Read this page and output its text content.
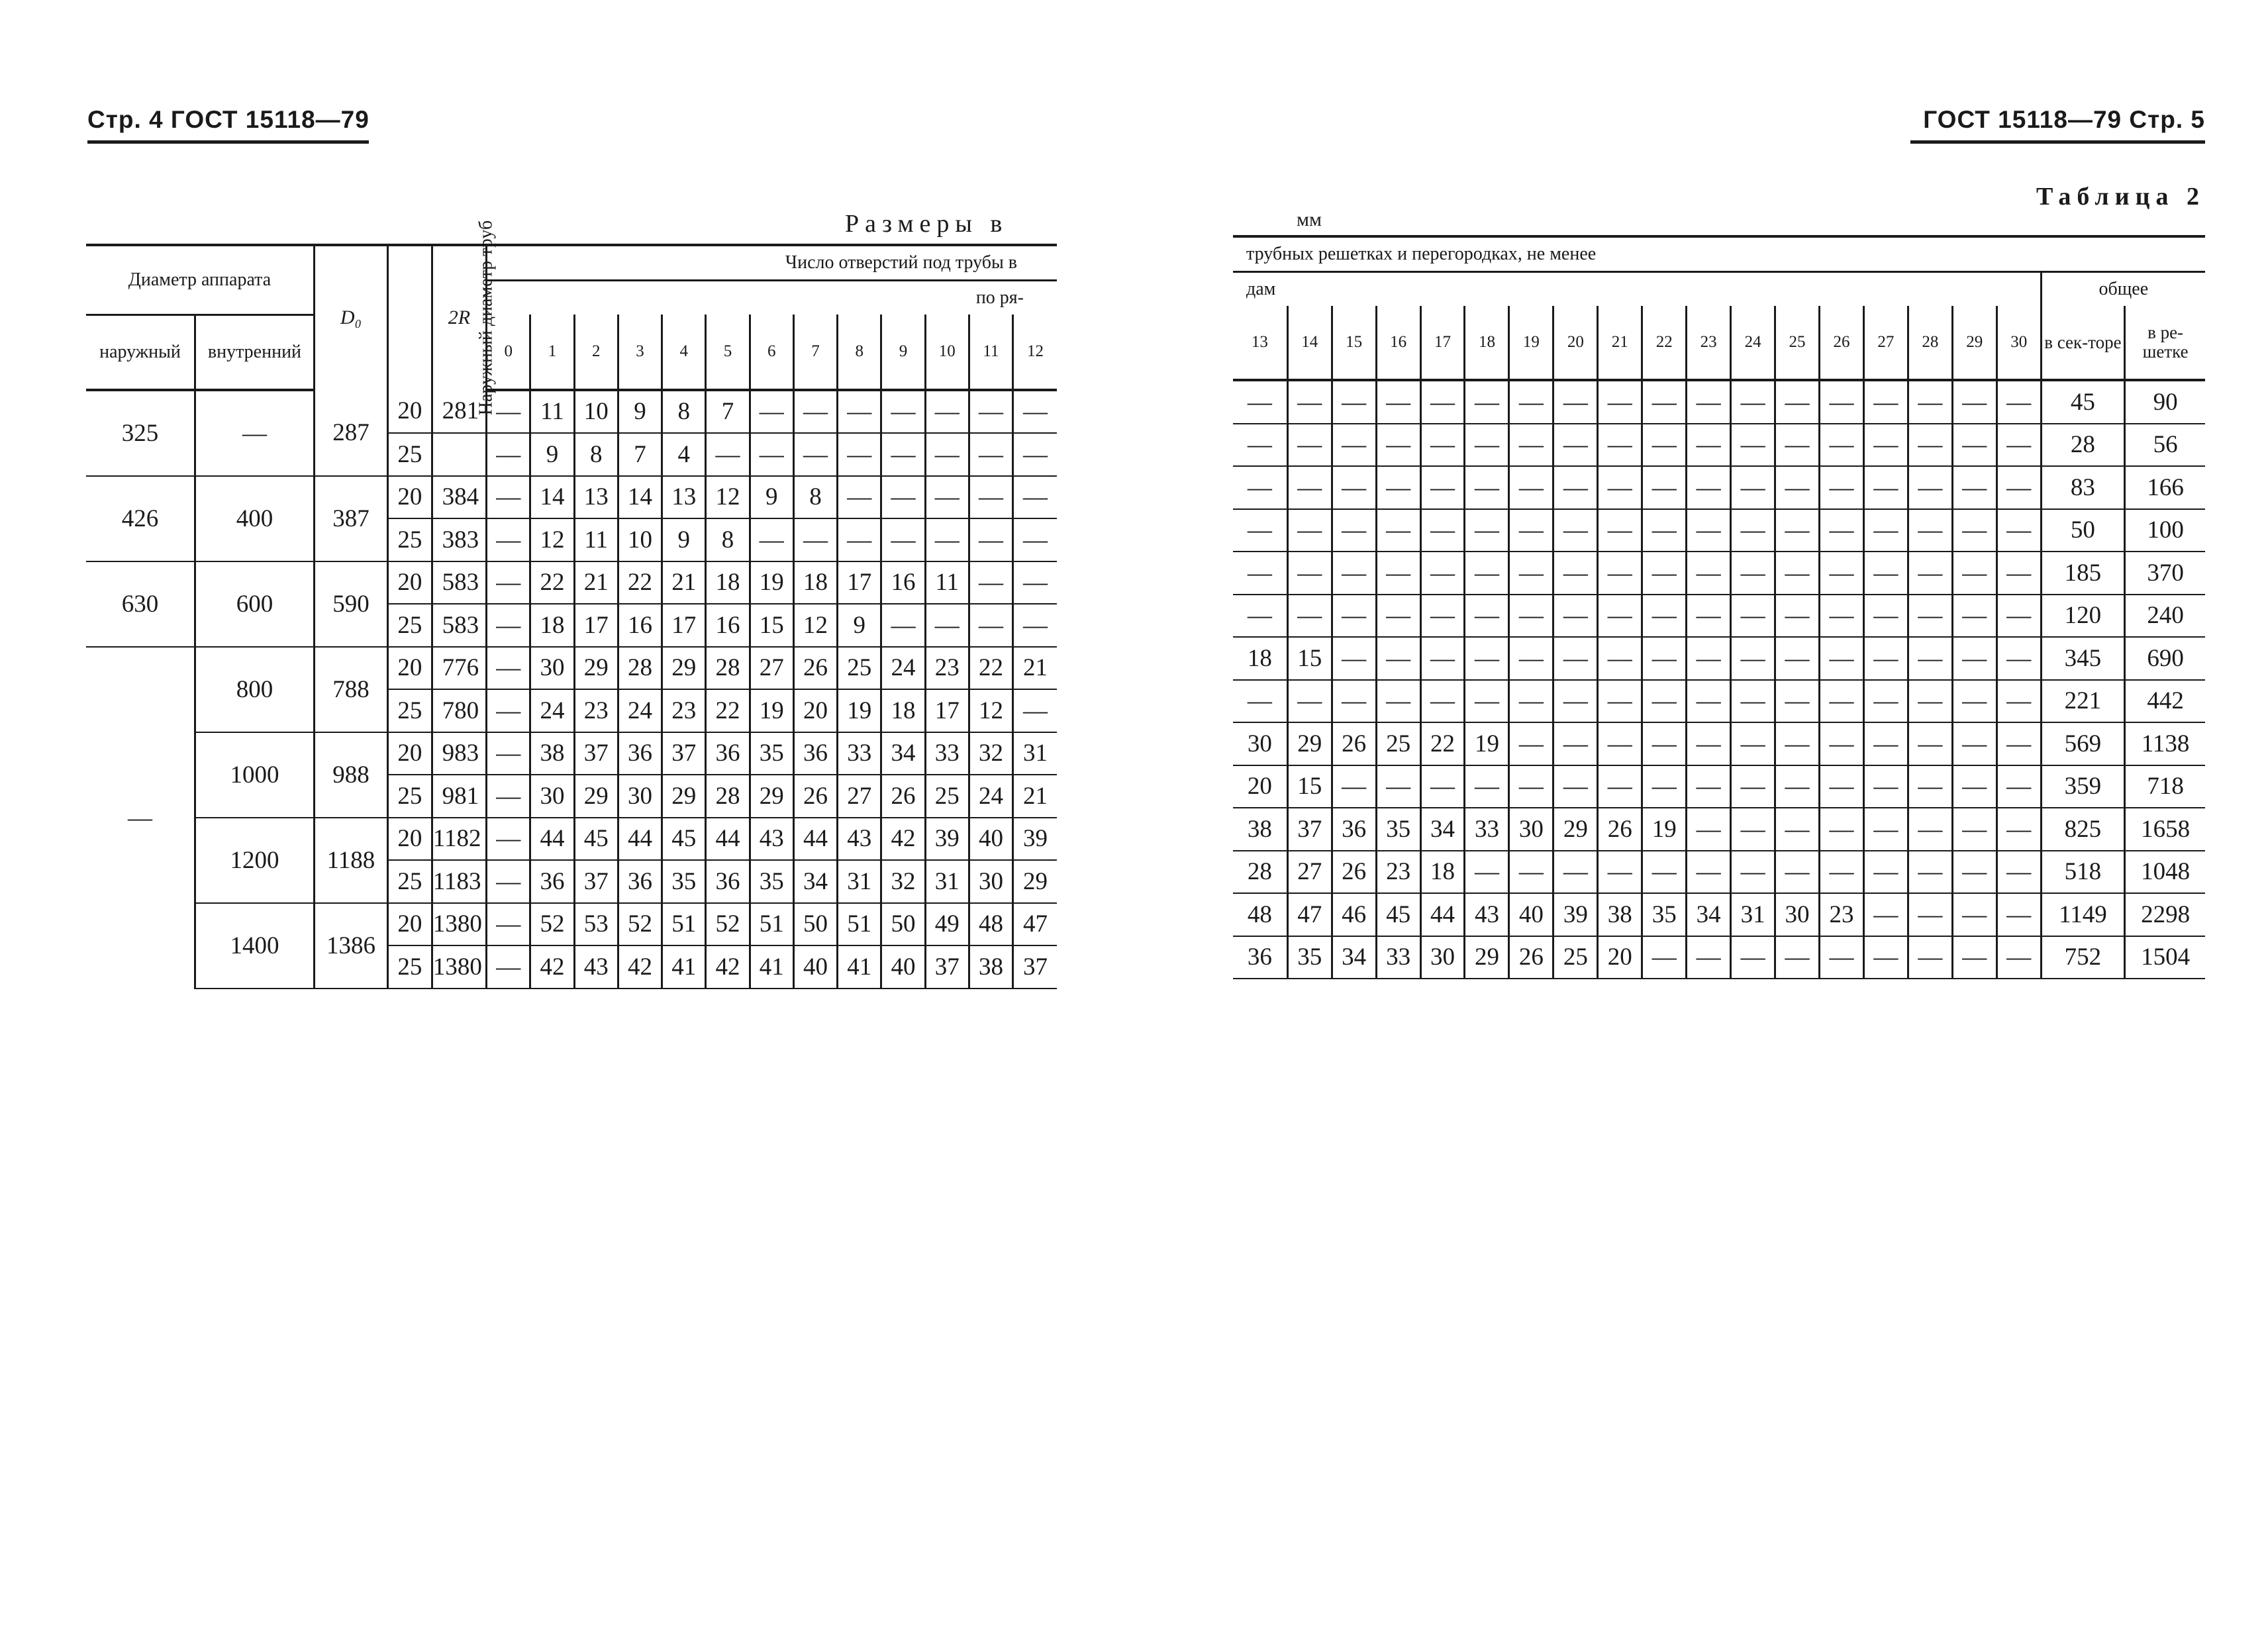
Стр. 4 ГОСТ 15118—79	ГОСТ 15118—79 Стр. 5
Размеры в
Таблица 2
мм
Диаметр аппарата		D₀	Наружный диаметр труб	2R	Число отверстий под трубы в												
					по ря-												
наружный	внутренний				0	1	2	3	4	5	6	7	8	9	10	11	12
325	—	287	20	281	—	11	10	9	8	7	—	—	—	—	—	—	—
			25		—	9	8	7	4	—	—	—	—	—	—	—	—
426	400	387	20	384	—	14	13	14	13	12	9	8	—	—	—	—	—
			25	383	—	12	11	10	9	8	—	—	—	—	—	—	—
630	600	590	20	583	—	22	21	22	21	18	19	18	17	16	11	—	—
			25	583	—	18	17	16	17	16	15	12	9	—	—	—	—
—	800	788	20	776	—	30	29	28	29	28	27	26	25	24	23	22	21
			25	780	—	24	23	24	23	22	19	20	19	18	17	12	—
	1000	988	20	983	—	38	37	36	37	36	35	36	33	34	33	32	31
			25	981	—	30	29	30	29	28	29	26	27	26	25	24	21
	1200	1188	20	1182	—	44	45	44	45	44	43	44	43	42	39	40	39
			25	1183	—	36	37	36	35	36	35	34	31	32	31	30	29
	1400	1386	20	1380	—	52	53	52	51	52	51	50	51	50	49	48	47
			25	1380	—	42	43	42	41	42	41	40	41	40	37	38	37
трубных решетках и перегородках, не менее																			
дам																		общее	
13	14	15	16	17	18	19	20	21	22	23	24	25	26	27	28	29	30	в сек-торе	в ре-шетке
—	—	—	—	—	—	—	—	—	—	—	—	—	—	—	—	—	—	45	90
—	—	—	—	—	—	—	—	—	—	—	—	—	—	—	—	—	—	28	56
—	—	—	—	—	—	—	—	—	—	—	—	—	—	—	—	—	—	83	166
—	—	—	—	—	—	—	—	—	—	—	—	—	—	—	—	—	—	50	100
—	—	—	—	—	—	—	—	—	—	—	—	—	—	—	—	—	—	185	370
—	—	—	—	—	—	—	—	—	—	—	—	—	—	—	—	—	—	120	240
18	15	—	—	—	—	—	—	—	—	—	—	—	—	—	—	—	—	345	690
—	—	—	—	—	—	—	—	—	—	—	—	—	—	—	—	—	—	221	442
30	29	26	25	22	19	—	—	—	—	—	—	—	—	—	—	—	—	569	1138
20	15	—	—	—	—	—	—	—	—	—	—	—	—	—	—	—	—	359	718
38	37	36	35	34	33	30	29	26	19	—	—	—	—	—	—	—	—	825	1658
28	27	26	23	18	—	—	—	—	—	—	—	—	—	—	—	—	—	518	1048
48	47	46	45	44	43	40	39	38	35	34	31	30	23	—	—	—	—	1149	2298
36	35	34	33	30	29	26	25	20	—	—	—	—	—	—	—	—	—	752	1504
